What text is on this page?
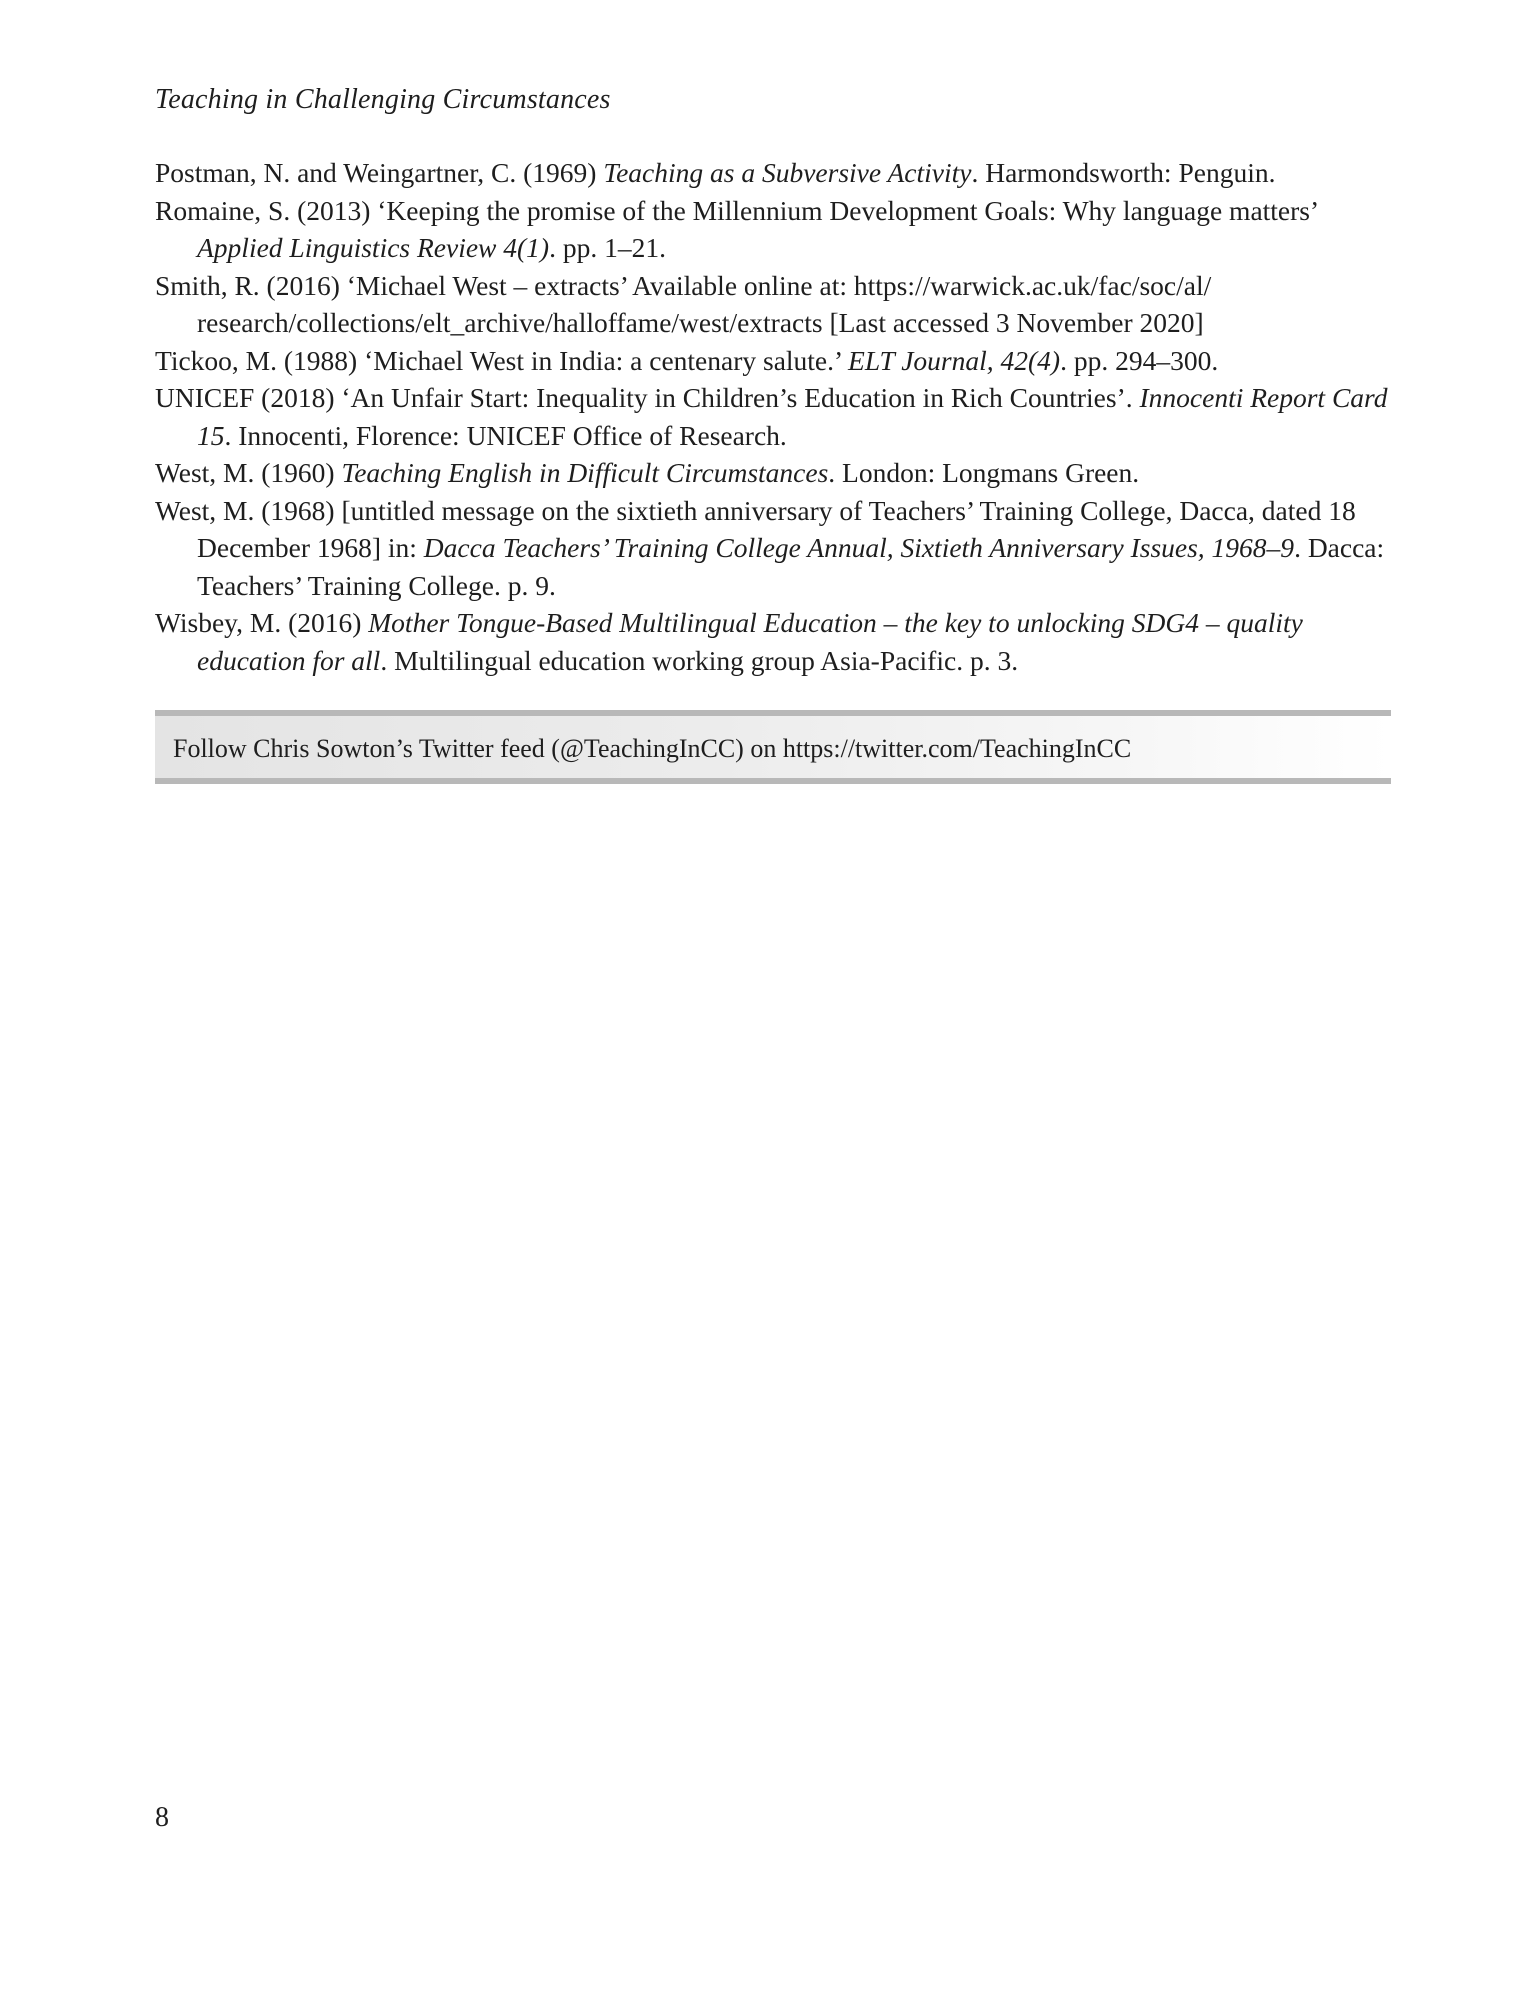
Teaching in Challenging Circumstances
Postman, N. and Weingartner, C. (1969) Teaching as a Subversive Activity. Harmondsworth: Penguin.
Romaine, S. (2013) ‘Keeping the promise of the Millennium Development Goals: Why language matters’ Applied Linguistics Review 4(1). pp. 1–21.
Smith, R. (2016) ‘Michael West – extracts’ Available online at: https://warwick.ac.uk/fac/soc/al/ research/collections/elt_archive/halloffame/west/extracts [Last accessed 3 November 2020]
Tickoo, M. (1988) ‘Michael West in India: a centenary salute.’ ELT Journal, 42(4). pp. 294–300.
UNICEF (2018) ‘An Unfair Start: Inequality in Children’s Education in Rich Countries’. Innocenti Report Card 15. Innocenti, Florence: UNICEF Office of Research.
West, M. (1960) Teaching English in Difficult Circumstances. London: Longmans Green.
West, M. (1968) [untitled message on the sixtieth anniversary of Teachers’ Training College, Dacca, dated 18 December 1968] in: Dacca Teachers’ Training College Annual, Sixtieth Anniversary Issues, 1968–9. Dacca: Teachers’ Training College. p. 9.
Wisbey, M. (2016) Mother Tongue-Based Multilingual Education – the key to unlocking SDG4 – quality education for all. Multilingual education working group Asia-Pacific. p. 3.
Follow Chris Sowton’s Twitter feed (@TeachingInCC) on https://twitter.com/TeachingInCC
8
